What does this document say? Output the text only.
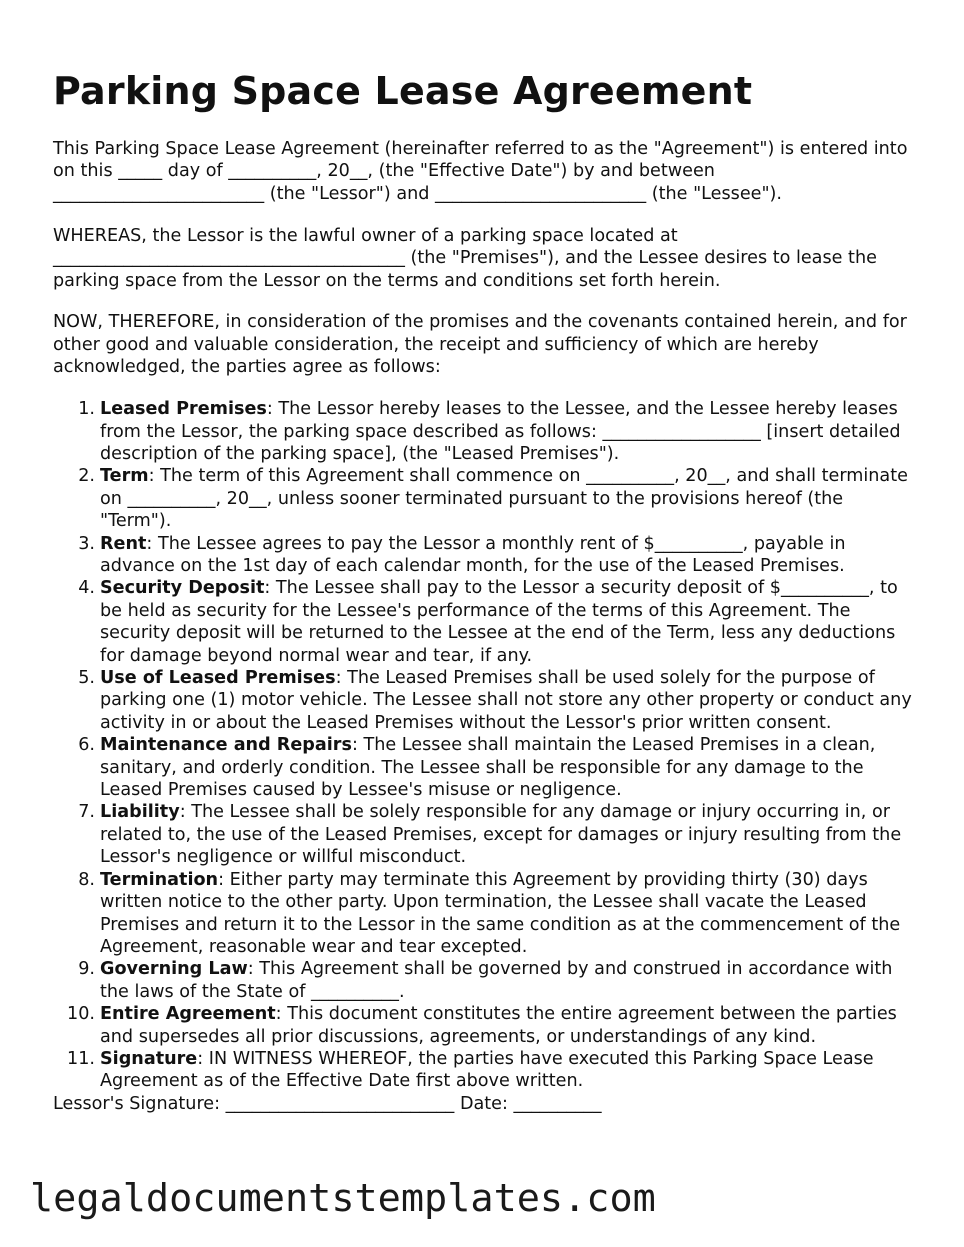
Parking Space Lease Agreement

This Parking Space Lease Agreement (hereinafter referred to as the "Agreement") is entered into on this _____ day of __________, 20__, (the "Effective Date") by and between ________________________ (the "Lessor") and ________________________ (the "Lessee").

WHEREAS, the Lessor is the lawful owner of a parking space located at ________________________________________ (the "Premises"), and the Lessee desires to lease the parking space from the Lessor on the terms and conditions set forth herein.

NOW, THEREFORE, in consideration of the promises and the covenants contained herein, and for other good and valuable consideration, the receipt and sufficiency of which are hereby acknowledged, the parties agree as follows:

1. Leased Premises: The Lessor hereby leases to the Lessee, and the Lessee hereby leases from the Lessor, the parking space described as follows: __________________ [insert detailed description of the parking space], (the "Leased Premises").
2. Term: The term of this Agreement shall commence on __________, 20__, and shall terminate on __________, 20__, unless sooner terminated pursuant to the provisions hereof (the "Term").
3. Rent: The Lessee agrees to pay the Lessor a monthly rent of $__________, payable in advance on the 1st day of each calendar month, for the use of the Leased Premises.
4. Security Deposit: The Lessee shall pay to the Lessor a security deposit of $__________, to be held as security for the Lessee's performance of the terms of this Agreement. The security deposit will be returned to the Lessee at the end of the Term, less any deductions for damage beyond normal wear and tear, if any.
5. Use of Leased Premises: The Leased Premises shall be used solely for the purpose of parking one (1) motor vehicle. The Lessee shall not store any other property or conduct any activity in or about the Leased Premises without the Lessor's prior written consent.
6. Maintenance and Repairs: The Lessee shall maintain the Leased Premises in a clean, sanitary, and orderly condition. The Lessee shall be responsible for any damage to the Leased Premises caused by Lessee's misuse or negligence.
7. Liability: The Lessee shall be solely responsible for any damage or injury occurring in, or related to, the use of the Leased Premises, except for damages or injury resulting from the Lessor's negligence or willful misconduct.
8. Termination: Either party may terminate this Agreement by providing thirty (30) days written notice to the other party. Upon termination, the Lessee shall vacate the Leased Premises and return it to the Lessor in the same condition as at the commencement of the Agreement, reasonable wear and tear excepted.
9. Governing Law: This Agreement shall be governed by and construed in accordance with the laws of the State of __________.
10. Entire Agreement: This document constitutes the entire agreement between the parties and supersedes all prior discussions, agreements, or understandings of any kind.
11. Signature: IN WITNESS WHEREOF, the parties have executed this Parking Space Lease Agreement as of the Effective Date first above written.

Lessor's Signature: __________________________ Date: __________

legaldocumentstemplates.com
